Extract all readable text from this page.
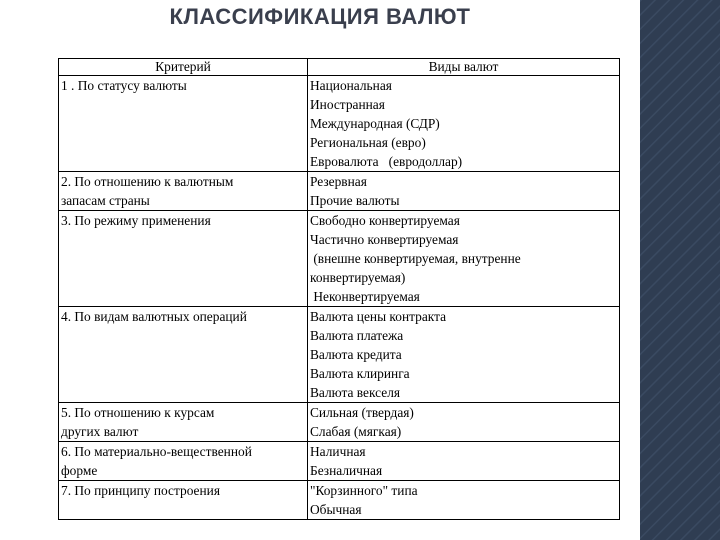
КЛАССИФИКАЦИЯ ВАЛЮТ
Критерий	Виды валют

1 . По статусу валюты	Национальная
Иностранная
Международная (СДР)
Региональная (евро)
Евровалюта   (евродоллар)

2. По отношению к валютным
запасам страны	Резервная
Прочие валюты

3. По режиму применения	Свободно конвертируемая
Частично конвертируемая
(внешне конвертируемая, внутренне
конвертируемая)
Неконвертируемая

4. По видам валютных операций	Валюта цены контракта
Валюта платежа
Валюта кредита
Валюта клиринга
Валюта векселя

5. По отношению к курсам
других валют	Сильная (твердая)
Слабая (мягкая)

6. По материально-вещественной
форме	Наличная
Безналичная

7. По принципу построения	"Корзинного" типа
Обычная
